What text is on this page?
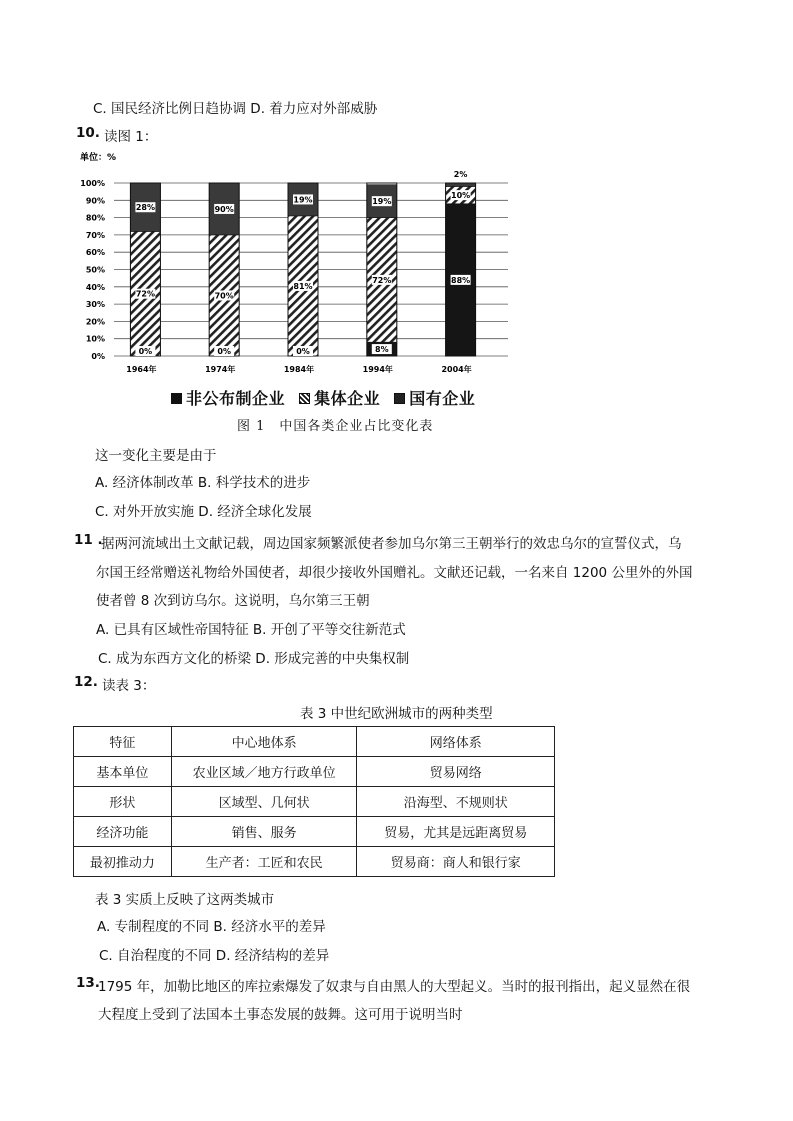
C. 国民经济比例日趋协调 D. 着力应对外部威胁
10. 读图 1：
0%
10%
20%
30%
40%
50%
60%
70%
80%
90%
100%
0%
72%
28%
0%
70%
90%
0%
81%
19%
8%
72%
19%
88%
10%
2%
1964年	1974年	1984年	1994年	2004年
单位：%
非公布制企业 集体企业 国有企业
图 1　中国各类企业占比变化表
这一变化主要是由于
A. 经济体制改革 B. 科学技术的进步
C. 对外开放实施 D. 经济全球化发展
11 .
据两河流域出土文献记载，周边国家频繁派使者参加乌尔第三王朝举行的效忠乌尔的宣誓仪式，乌
尔国王经常赠送礼物给外国使者，却很少接收外国赠礼。文献还记载，一名来自 1200 公里外的外国
使者曾 8 次到访乌尔。这说明，乌尔第三王朝
A. 已具有区域性帝国特征 B. 开创了平等交往新范式
C. 成为东西方文化的桥梁 D. 形成完善的中央集权制
12. 读表 3：
表 3 中世纪欧洲城市的两种类型
特征	中心地体系	网络体系
基本单位	农业区域／地方行政单位	贸易网络
形状	区域型、几何状	沿海型、不规则状
经济功能	销售、服务	贸易，尤其是远距离贸易
最初推动力	生产者：工匠和农民	贸易商：商人和银行家
表 3 实质上反映了这两类城市
A. 专制程度的不同 B. 经济水平的差异
C. 自治程度的不同 D. 经济结构的差异
13.
1795 年，加勒比地区的库拉索爆发了奴隶与自由黑人的大型起义。当时的报刊指出，起义显然在很
大程度上受到了法国本土事态发展的鼓舞。这可用于说明当时
